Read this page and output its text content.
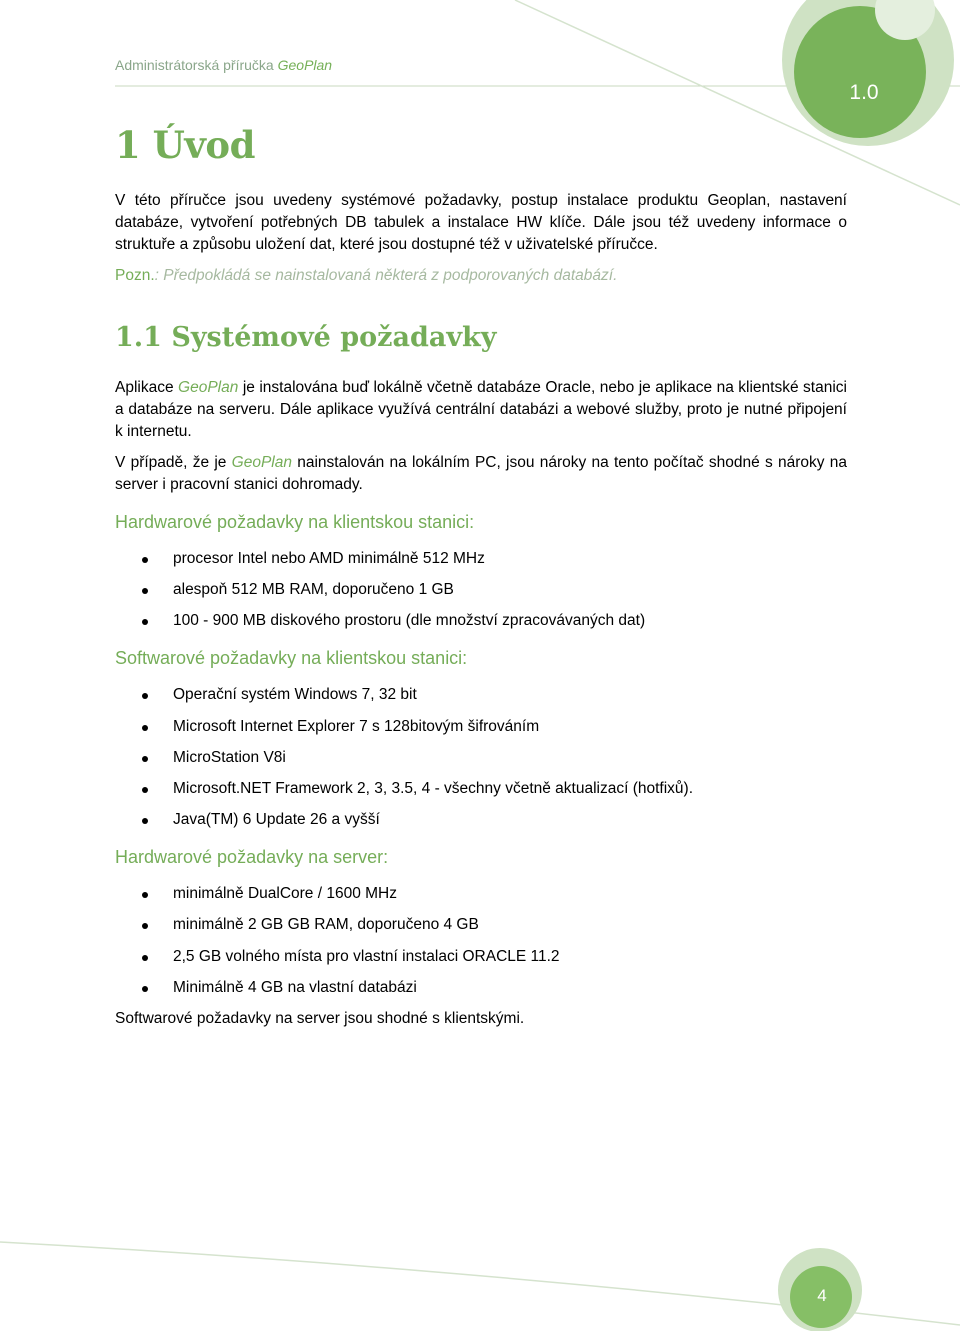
Administrátorská příručka GeoPlan
1.0
1 Úvod

V této příručce jsou uvedeny systémové požadavky, postup instalace produktu Geoplan, nastavení databáze, vytvoření potřebných DB tabulek a instalace HW klíče. Dále jsou též uvedeny informace o struktuře a způsobu uložení dat, které jsou dostupné též v uživatelské příručce.

Pozn.: Předpokládá se nainstalovaná některá z podporovaných databází.

1.1 Systémové požadavky

Aplikace GeoPlan je instalována buď lokálně včetně databáze Oracle, nebo je aplikace na klientské stanici a databáze na serveru. Dále aplikace využívá centrální databázi a webové služby, proto je nutné připojení k internetu.

V případě, že je GeoPlan nainstalován na lokálním PC, jsou nároky na tento počítač shodné s nároky na server i pracovní stanici dohromady.

Hardwarové požadavky na klientskou stanici:
procesor Intel nebo AMD minimálně 512 MHz
alespoň 512 MB RAM, doporučeno 1 GB
100 - 900 MB diskového prostoru (dle množství zpracovávaných dat)
Softwarové požadavky na klientskou stanici:
Operační systém Windows 7, 32 bit
Microsoft Internet Explorer 7 s 128bitovým šifrováním
MicroStation V8i
Microsoft.NET Framework 2, 3, 3.5, 4 - všechny včetně aktualizací (hotfixů).
Java(TM) 6 Update 26 a vyšší
Hardwarové požadavky na server:
minimálně DualCore / 1600 MHz
minimálně 2 GB GB RAM, doporučeno 4 GB
2,5 GB volného místa pro vlastní instalaci ORACLE 11.2
Minimálně 4 GB na vlastní databázi

Softwarové požadavky na server jsou shodné s klientskými.

4
